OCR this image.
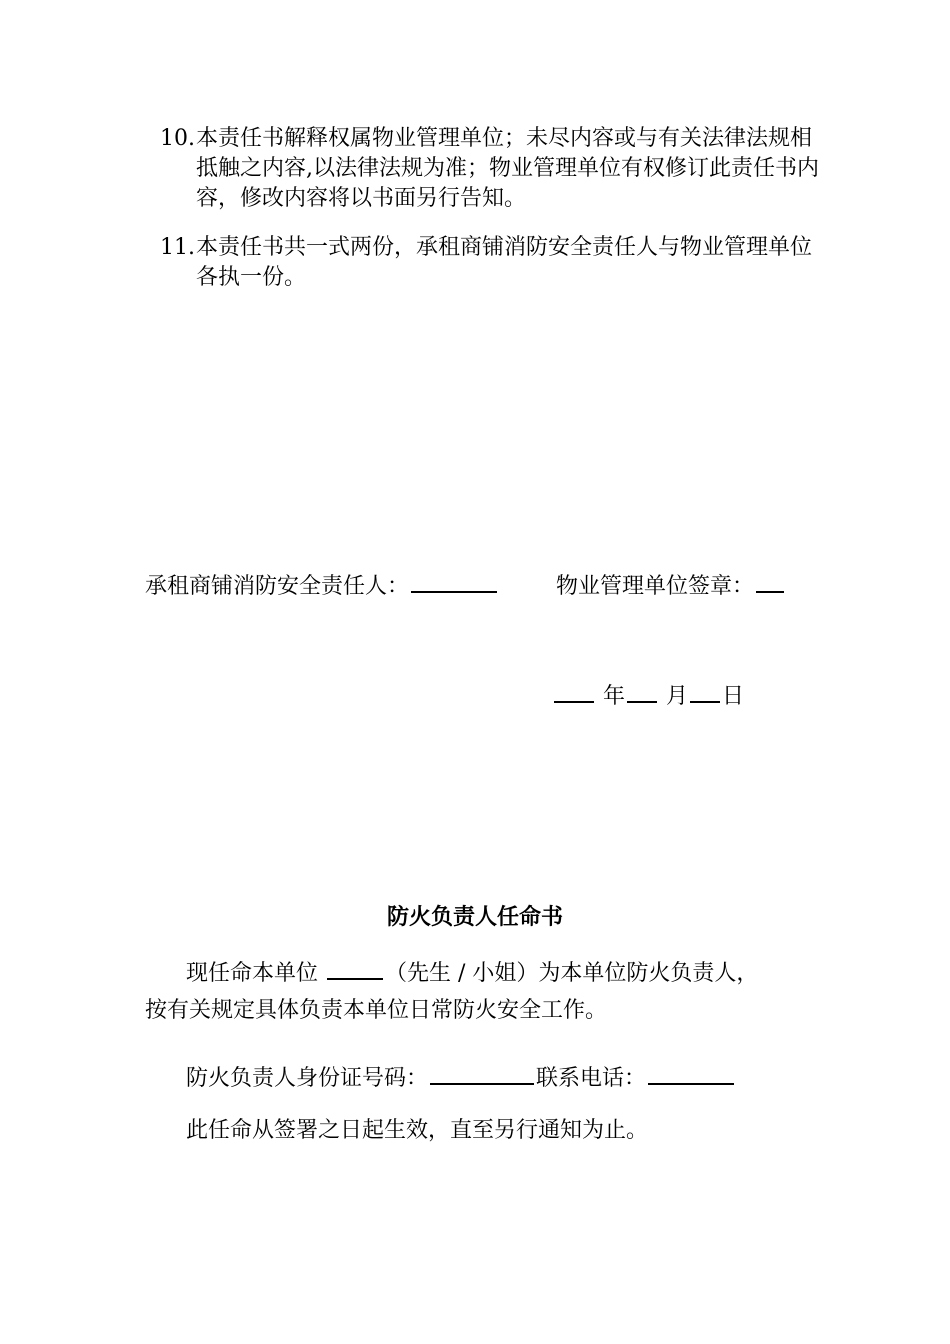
10. 本责任书解释权属物业管理单位；未尽内容或与有关法律法规相抵触之内容,以法律法规为准；物业管理单位有权修订此责任书内容，修改内容将以书面另行告知。
11. 本责任书共一式两份，承租商铺消防安全责任人与物业管理单位各执一份。
承租商铺消防安全责任人：	物业管理单位签章：
年 月 日
防火负责人任命书
现任命本单位	（先生 / 小姐）为本单位防火负责人，
按有关规定具体负责本单位日常防火安全工作。
防火负责人身份证号码：	联系电话：
此任命从签署之日起生效，直至另行通知为止。
